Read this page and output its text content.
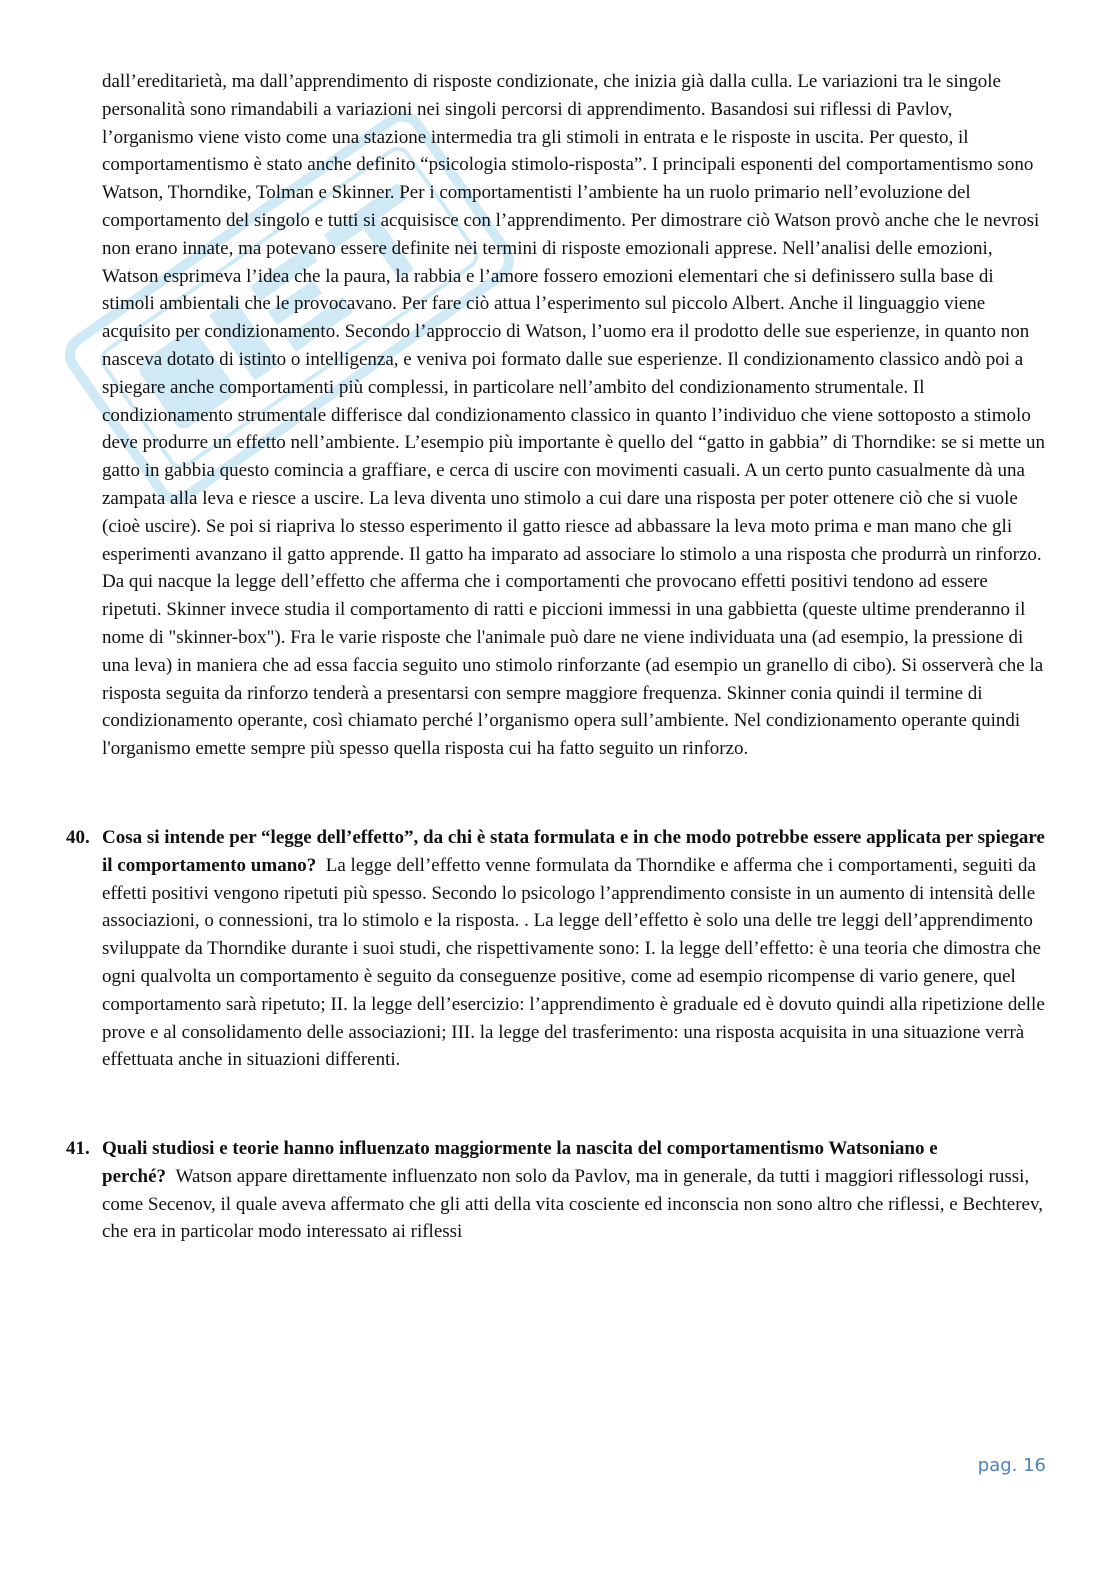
dall’ereditarietà, ma dall’apprendimento di risposte condizionate, che inizia già dalla culla. Le variazioni tra le singole personalità sono rimandabili a variazioni nei singoli percorsi di apprendimento. Basandosi sui riflessi di Pavlov, l’organismo viene visto come una stazione intermedia tra gli stimoli in entrata e le risposte in uscita. Per questo, il comportamentismo è stato anche definito “psicologia stimolo-risposta”. I principali esponenti del comportamentismo sono Watson, Thorndike, Tolman e Skinner. Per i comportamentisti l’ambiente ha un ruolo primario nell’evoluzione del comportamento del singolo e tutti si acquisisce con l’apprendimento. Per dimostrare ciò Watson provò anche che le nevrosi non erano innate, ma potevano essere definite nei termini di risposte emozionali apprese. Nell’analisi delle emozioni, Watson esprimeva l’idea che la paura, la rabbia e l’amore fossero emozioni elementari che si definissero sulla base di stimoli ambientali che le provocavano. Per fare ciò attua l’esperimento sul piccolo Albert. Anche il linguaggio viene acquisito per condizionamento. Secondo l’approccio di Watson, l’uomo era il prodotto delle sue esperienze, in quanto non nasceva dotato di istinto o intelligenza, e veniva poi formato dalle sue esperienze. Il condizionamento classico andò poi a spiegare anche comportamenti più complessi, in particolare nell’ambito del condizionamento strumentale. Il condizionamento strumentale differisce dal condizionamento classico in quanto l’individuo che viene sottoposto a stimolo deve produrre un effetto nell’ambiente. L’esempio più importante è quello del “gatto in gabbia” di Thorndike: se si mette un gatto in gabbia questo comincia a graffiare, e cerca di uscire con movimenti casuali. A un certo punto casualmente dà una zampata alla leva e riesce a uscire. La leva diventa uno stimolo a cui dare una risposta per poter ottenere ciò che si vuole (cioè uscire). Se poi si riapriva lo stesso esperimento il gatto riesce ad abbassare la leva moto prima e man mano che gli esperimenti avanzano il gatto apprende. Il gatto ha imparato ad associare lo stimolo a una risposta che produrrà un rinforzo. Da qui nacque la legge dell’effetto che afferma che i comportamenti che provocano effetti positivi tendono ad essere ripetuti. Skinner invece studia il comportamento di ratti e piccioni immessi in una gabbietta (queste ultime prenderanno il nome di "skinner-box"). Fra le varie risposte che l'animale può dare ne viene individuata una (ad esempio, la pressione di una leva) in maniera che ad essa faccia seguito uno stimolo rinforzante (ad esempio un granello di cibo). Si osserverà che la risposta seguita da rinforzo tenderà a presentarsi con sempre maggiore frequenza. Skinner conia quindi il termine di condizionamento operante, così chiamato perché l’organismo opera sull’ambiente. Nel condizionamento operante quindi l'organismo emette sempre più spesso quella risposta cui ha fatto seguito un rinforzo.

40. Cosa si intende per “legge dell’effetto”, da chi è stata formulata e in che modo potrebbe essere applicata per spiegare il comportamento umano? La legge dell’effetto venne formulata da Thorndike e afferma che i comportamenti, seguiti da effetti positivi vengono ripetuti più spesso. Secondo lo psicologo l’apprendimento consiste in un aumento di intensità delle associazioni, o connessioni, tra lo stimolo e la risposta. . La legge dell’effetto è solo una delle tre leggi dell’apprendimento sviluppate da Thorndike durante i suoi studi, che rispettivamente sono: I. la legge dell’effetto: è una teoria che dimostra che ogni qualvolta un comportamento è seguito da conseguenze positive, come ad esempio ricompense di vario genere, quel comportamento sarà ripetuto; II. la legge dell’esercizio: l’apprendimento è graduale ed è dovuto quindi alla ripetizione delle prove e al consolidamento delle associazioni; III. la legge del trasferimento: una risposta acquisita in una situazione verrà effettuata anche in situazioni differenti.
41. Quali studiosi e teorie hanno influenzato maggiormente la nascita del comportamentismo Watsoniano e perché? Watson appare direttamente influenzato non solo da Pavlov, ma in generale, da tutti i maggiori riflessologi russi, come Secenov, il quale aveva affermato che gli atti della vita cosciente ed inconscia non sono altro che riflessi, e Bechterev, che era in particolar modo interessato ai riflessi
pag. 16
